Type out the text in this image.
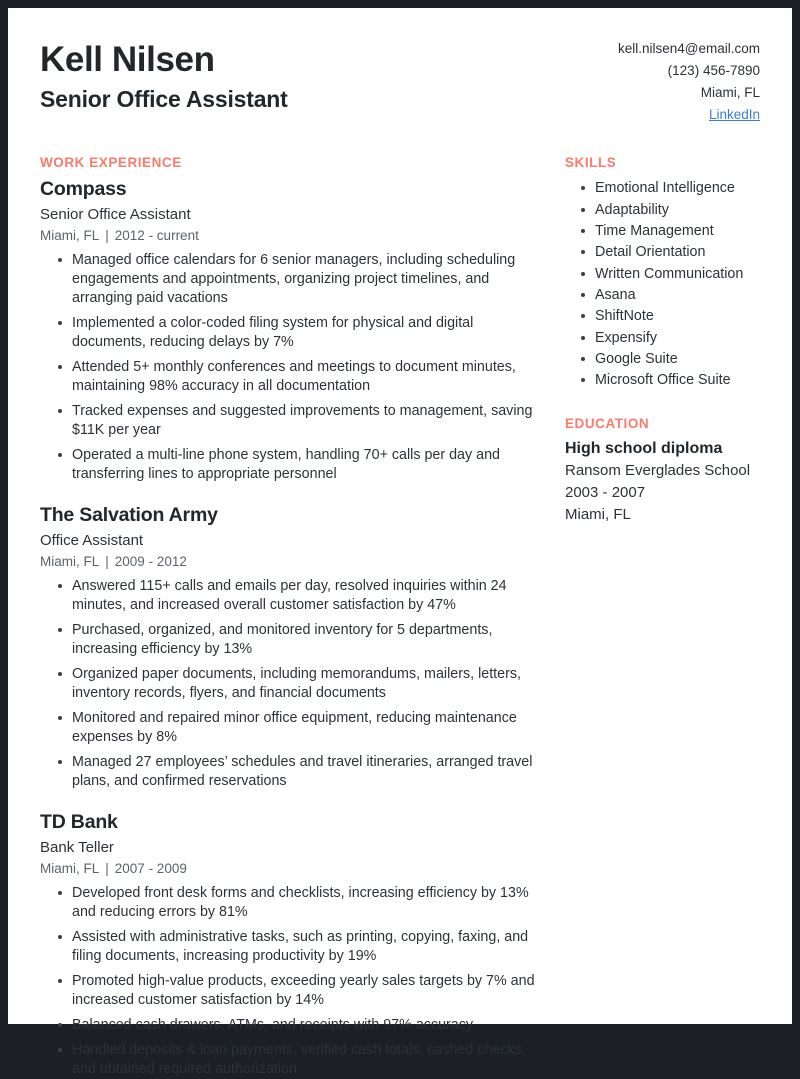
Kell Nilsen
Senior Office Assistant
kell.nilsen4@email.com
(123) 456-7890
Miami, FL
LinkedIn
WORK EXPERIENCE
Compass
Senior Office Assistant
Miami, FL | 2012 - current
Managed office calendars for 6 senior managers, including scheduling engagements and appointments, organizing project timelines, and arranging paid vacations
Implemented a color-coded filing system for physical and digital documents, reducing delays by 7%
Attended 5+ monthly conferences and meetings to document minutes, maintaining 98% accuracy in all documentation
Tracked expenses and suggested improvements to management, saving $11K per year
Operated a multi-line phone system, handling 70+ calls per day and transferring lines to appropriate personnel
The Salvation Army
Office Assistant
Miami, FL | 2009 - 2012
Answered 115+ calls and emails per day, resolved inquiries within 24 minutes, and increased overall customer satisfaction by 47%
Purchased, organized, and monitored inventory for 5 departments, increasing efficiency by 13%
Organized paper documents, including memorandums, mailers, letters, inventory records, flyers, and financial documents
Monitored and repaired minor office equipment, reducing maintenance expenses by 8%
Managed 27 employees’ schedules and travel itineraries, arranged travel plans, and confirmed reservations
TD Bank
Bank Teller
Miami, FL | 2007 - 2009
Developed front desk forms and checklists, increasing efficiency by 13% and reducing errors by 81%
Assisted with administrative tasks, such as printing, copying, faxing, and filing documents, increasing productivity by 19%
Promoted high-value products, exceeding yearly sales targets by 7% and increased customer satisfaction by 14%
Balanced cash drawers, ATMs, and receipts with 97% accuracy
Handled deposits & loan payments, verified cash totals, cashed checks, and obtained required authorization
SKILLS
Emotional Intelligence
Adaptability
Time Management
Detail Orientation
Written Communication
Asana
ShiftNote
Expensify
Google Suite
Microsoft Office Suite
EDUCATION
High school diploma
Ransom Everglades School
2003 - 2007
Miami, FL
